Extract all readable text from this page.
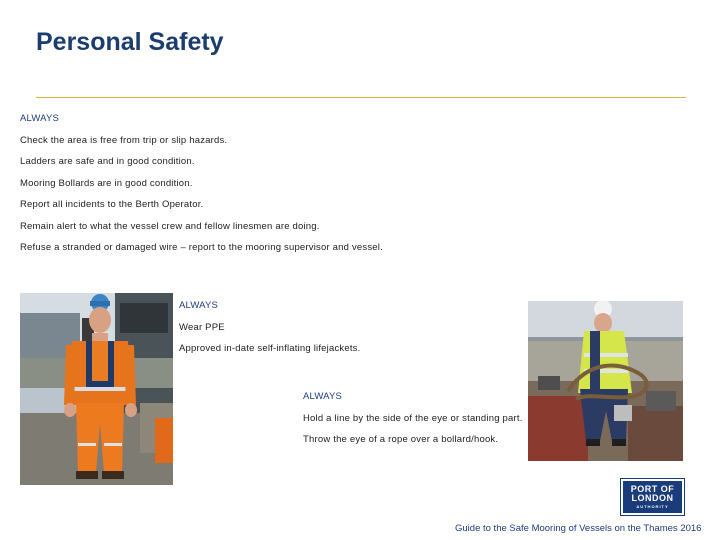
Personal Safety
ALWAYS
Check the area is free from trip or slip hazards.
Ladders are safe and in good condition.
Mooring Bollards are in good condition.
Report all incidents to the Berth Operator.
Remain alert to what the vessel crew and fellow linesmen are doing.
Refuse a stranded or damaged wire – report to the mooring supervisor and vessel.
ALWAYS
Wear PPE
Approved in-date self-inflating lifejackets.
ALWAYS
Hold a line by the side of the eye or standing part.
Throw the eye of a rope over a bollard/hook.
PORT OF
LONDON
AUTHORITY
Guide to the Safe Mooring of Vessels on the Thames 2016
